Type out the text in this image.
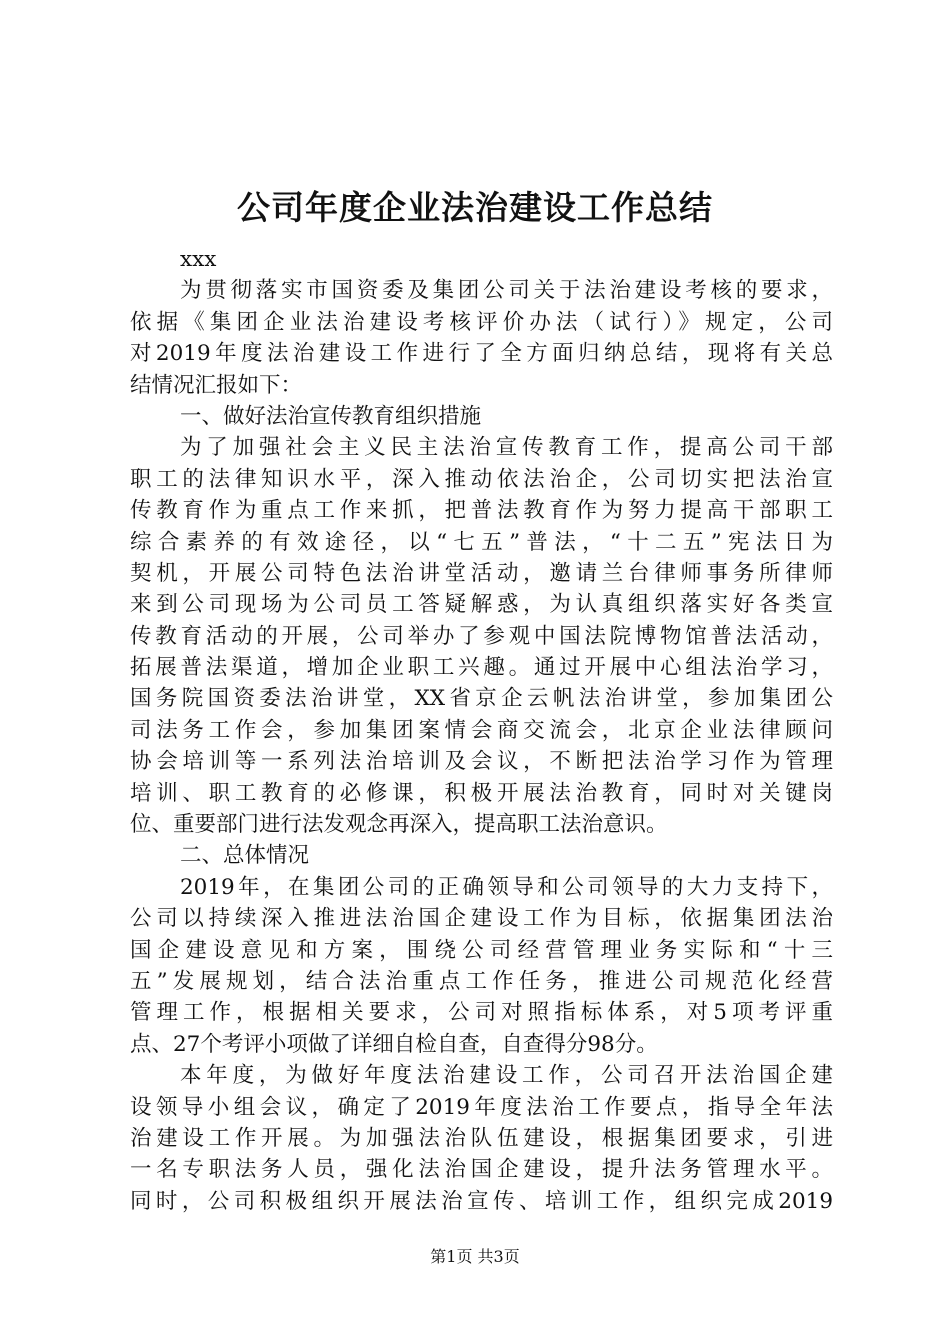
公司年度企业法治建设工作总结
xxx
为贯彻落实市国资委及集团公司关于法治建设考核的要求，
依据《集团企业法治建设考核评价办法（试行）》规定，公司
对2019年度法治建设工作进行了全方面归纳总结，现将有关总
结情况汇报如下：
一、做好法治宣传教育组织措施
为了加强社会主义民主法治宣传教育工作，提高公司干部
职工的法律知识水平，深入推动依法治企，公司切实把法治宣
传教育作为重点工作来抓，把普法教育作为努力提高干部职工
综合素养的有效途径，以“七五”普法，“十二五”宪法日为
契机，开展公司特色法治讲堂活动，邀请兰台律师事务所律师
来到公司现场为公司员工答疑解惑，为认真组织落实好各类宣
传教育活动的开展，公司举办了参观中国法院博物馆普法活动，
拓展普法渠道，增加企业职工兴趣。通过开展中心组法治学习，
国务院国资委法治讲堂，XX省京企云帆法治讲堂，参加集团公
司法务工作会，参加集团案情会商交流会，北京企业法律顾问
协会培训等一系列法治培训及会议，不断把法治学习作为管理
培训、职工教育的必修课，积极开展法治教育，同时对关键岗
位、重要部门进行法发观念再深入，提高职工法治意识。
二、总体情况
2019年，在集团公司的正确领导和公司领导的大力支持下，
公司以持续深入推进法治国企建设工作为目标，依据集团法治
国企建设意见和方案，围绕公司经营管理业务实际和“十三
五”发展规划，结合法治重点工作任务，推进公司规范化经营
管理工作，根据相关要求，公司对照指标体系，对5项考评重
点、27个考评小项做了详细自检自查，自查得分98分。
本年度，为做好年度法治建设工作，公司召开法治国企建
设领导小组会议，确定了2019年度法治工作要点，指导全年法
治建设工作开展。为加强法治队伍建设，根据集团要求，引进
一名专职法务人员，强化法治国企建设，提升法务管理水平。
同时，公司积极组织开展法治宣传、培训工作，组织完成2019
第1页 共3页
